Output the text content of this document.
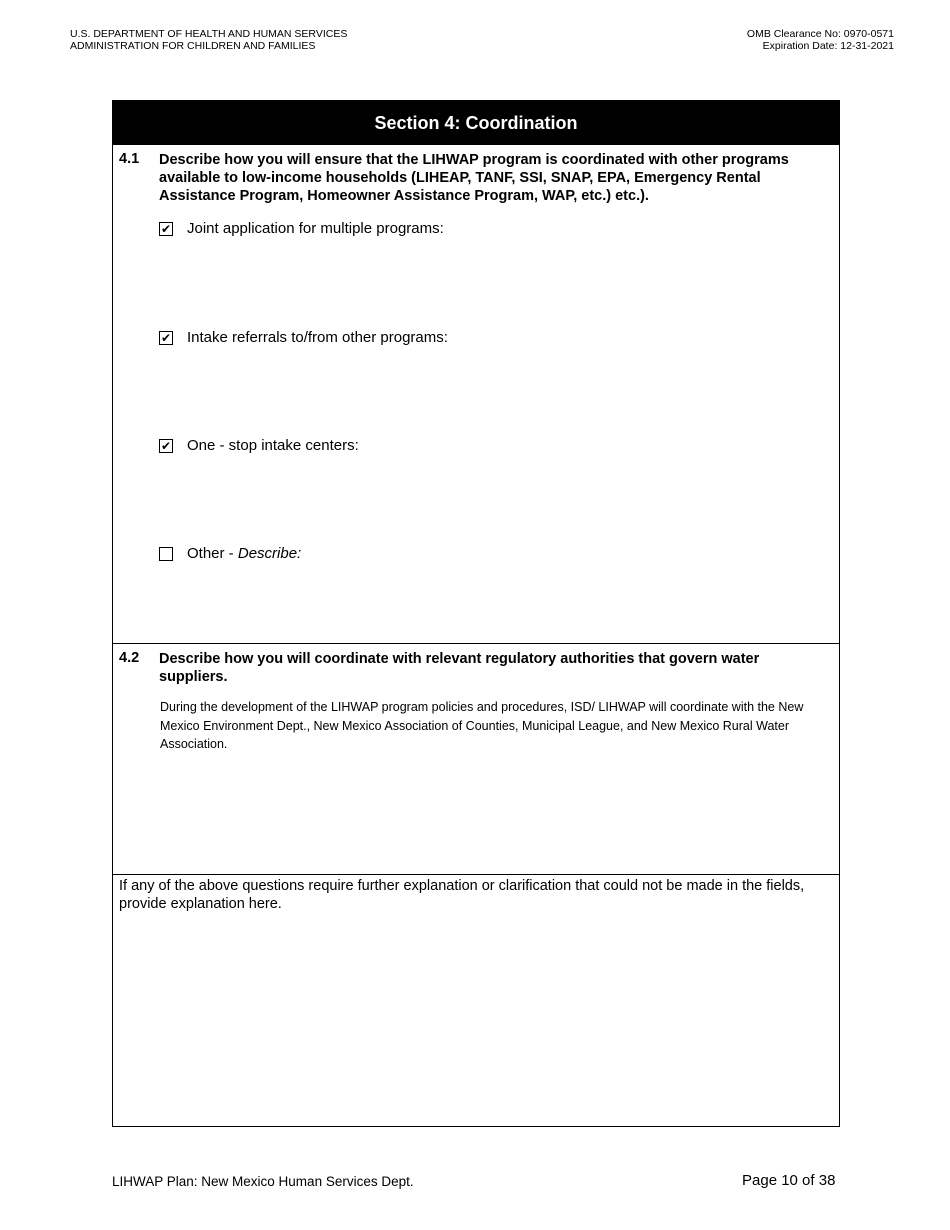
U.S. DEPARTMENT OF HEALTH AND HUMAN SERVICES
ADMINISTRATION FOR CHILDREN AND FAMILIES
OMB Clearance No: 0970-0571
Expiration Date: 12-31-2021
Section 4: Coordination
4.1 Describe how you will ensure that the LIHWAP program is coordinated with other programs available to low-income households (LIHEAP, TANF, SSI, SNAP, EPA, Emergency Rental Assistance Program, Homeowner Assistance Program, WAP, etc.) etc.).
✔ Joint application for multiple programs:
✔ Intake referrals to/from other programs:
✔ One - stop intake centers:
Other - Describe:
4.2 Describe how you will coordinate with relevant regulatory authorities that govern water suppliers.
During the development of the LIHWAP program policies and procedures, ISD/ LIHWAP will coordinate with the New Mexico Environment Dept., New Mexico Association of Counties, Municipal League, and New Mexico Rural Water Association.
If any of the above questions require further explanation or clarification that could not be made in the fields, provide explanation here.
LIHWAP Plan: New Mexico Human Services Dept.	Page 10 of 38
